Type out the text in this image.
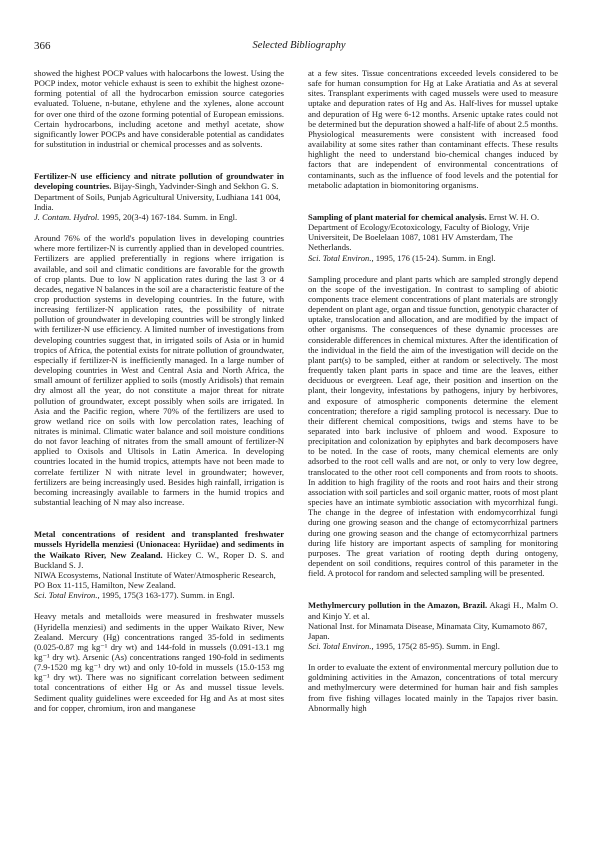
366	Selected Bibliography

showed the highest POCP values with halocarbons the lowest. Using the POCP index, motor vehicle exhaust is seen to exhibit the highest ozone-forming potential of all the hydrocarbon emission source categories evaluated. Toluene, n-butane, ethylene and the xylenes, alone account for over one third of the ozone forming potential of European emissions. Certain hydrocarbons, including acetone and methyl acetate, show significantly lower POCPs and have considerable potential as candidates for substitution in industrial or chemical processes and as solvents.

Fertilizer-N use efficiency and nitrate pollution of groundwater in developing countries. Bijay-Singh, Yadvinder-Singh and Sekhon G. S.

Department of Soils, Punjab Agricultural University, Ludhiana 141 004, India.

J. Contam. Hydrol. 1995, 20(3-4) 167-184. Summ. in Engl.

Around 76% of the world's population lives in developing countries where more fertilizer-N is currently applied than in developed countries. Fertilizers are applied preferentially in regions where irrigation is available, and soil and climatic conditions are favorable for the growth of crop plants. Due to low N application rates during the last 3 or 4 decades, negative N balances in the soil are a characteristic feature of the crop production systems in developing countries. In the future, with increasing fertilizer-N application rates, the possibility of nitrate pollution of groundwater in developing countries will be strongly linked with fertilizer-N use efficiency. A limited number of investigations from developing countries suggest that, in irrigated soils of Asia or in humid tropics of Africa, the potential exists for nitrate pollution of groundwater, especially if fertilizer-N is inefficiently managed. In a large number of developing countries in West and Central Asia and North Africa, the small amount of fertilizer applied to soils (mostly Aridisols) that remain dry almost all the year, do not constitute a major threat for nitrate pollution of groundwater, except possibly when soils are irrigated. In Asia and the Pacific region, where 70% of the fertilizers are used to grow wetland rice on soils with low percolation rates, leaching of nitrates is minimal. Climatic water balance and soil moisture conditions do not favor leaching of nitrates from the small amount of fertilizer-N applied to Oxisols and Ultisols in Latin America. In developing countries located in the humid tropics, attempts have not been made to correlate fertilizer N with nitrate level in groundwater; however, fertilizers are being increasingly used. Besides high rainfall, irrigation is becoming increasingly available to farmers in the humid tropics and substantial leaching of N may also increase.

Metal concentrations of resident and transplanted freshwater mussels Hyridella menziesi (Unionacea: Hyriidae) and sediments in the Waikato River, New Zealand. Hickey C. W., Roper D. S. and Buckland S. J.

NIWA Ecosystems, National Institute of Water/Atmospheric Research, PO Box 11-115, Hamilton, New Zealand.

Sci. Total Environ., 1995, 175(3 163-177). Summ. in Engl.

Heavy metals and metalloids were measured in freshwater mussels (Hyridella menziesi) and sediments in the upper Waikato River, New Zealand. Mercury (Hg) concentrations ranged 35-fold in sediments (0.025-0.87 mg kg⁻¹ dry wt) and 144-fold in mussels (0.091-13.1 mg kg⁻¹ dry wt). Arsenic (As) concentrations ranged 190-fold in sediments (7.9-1520 mg kg⁻¹ dry wt) and only 10-fold in mussels (15.0-153 mg kg⁻¹ dry wt). There was no significant correlation between sediment total concentrations of either Hg or As and mussel tissue levels. Sediment quality guidelines were exceeded for Hg and As at most sites and for copper, chromium, iron and manganese

at a few sites. Tissue concentrations exceeded levels considered to be safe for human consumption for Hg at Lake Aratiatia and As at several sites. Transplant experiments with caged mussels were used to measure uptake and depuration rates of Hg and As. Half-lives for mussel uptake and depuration of Hg were 6-12 months. Arsenic uptake rates could not be determined but the depuration showed a half-life of about 2.5 months. Physiological measurements were consistent with increased food availability at some sites rather than contaminant effects. These results highlight the need to understand bio-chemical changes induced by factors that are independent of environmental concentrations of contaminants, such as the influence of food levels and the potential for metabolic adaptation in biomonitoring organisms.

Sampling of plant material for chemical analysis. Ernst W. H. O.

Department of Ecology/Ecotoxicology, Faculty of Biology, Vrije Universiteit, De Boelelaan 1087, 1081 HV Amsterdam, The Netherlands.

Sci. Total Environ., 1995, 176 (15-24). Summ. in Engl.

Sampling procedure and plant parts which are sampled strongly depend on the scope of the investigation. In contrast to sampling of abiotic components trace element concentrations of plant materials are strongly dependent on plant age, organ and tissue function, genotypic character of uptake, translocation and allocation, and are modified by the impact of other organisms. The consequences of these dynamic processes are considerable differences in chemical mixtures. After the identification of the individual in the field the aim of the investigation will decide on the plant part(s) to be sampled, either at random or selectively. The most frequently taken plant parts in space and time are the leaves, either deciduous or evergreen. Leaf age, their position and insertion on the plant, their longevity, infestations by pathogens, injury by herbivores, and exposure of atmospheric components determine the element concentration; therefore a rigid sampling protocol is necessary. Due to their different chemical compositions, twigs and stems have to be separated into bark inclusive of phloem and wood. Exposure to precipitation and colonization by epiphytes and bark decomposers have to be noted. In the case of roots, many chemical elements are only adsorbed to the root cell walls and are not, or only to very low degree, translocated to the other root cell components and from roots to shoots. In addition to high fragility of the roots and root hairs and their strong association with soil particles and soil organic matter, roots of most plant species have an intimate symbiotic association with mycorrhizal fungi. The change in the degree of infestation with endomycorrhizal fungi during one growing season and the change of ectomycorrhizal partners during one growing season and the change of ectomycorrhizal partners during life history are important aspects of sampling for monitoring purposes. The great variation of rooting depth during ontogeny, dependent on soil conditions, requires control of this parameter in the field. A protocol for random and selected sampling will be presented.

Methylmercury pollution in the Amazon, Brazil. Akagi H., Malm O. and Kinjo Y. et al.

National Inst. for Minamata Disease, Minamata City, Kumamoto 867, Japan.

Sci. Total Environ., 1995, 175(2 85-95). Summ. in Engl.

In order to evaluate the extent of environmental mercury pollution due to goldmining activities in the Amazon, concentrations of total mercury and methylmercury were determined for human hair and fish samples from five fishing villages located mainly in the Tapajos river basin. Abnormally high
